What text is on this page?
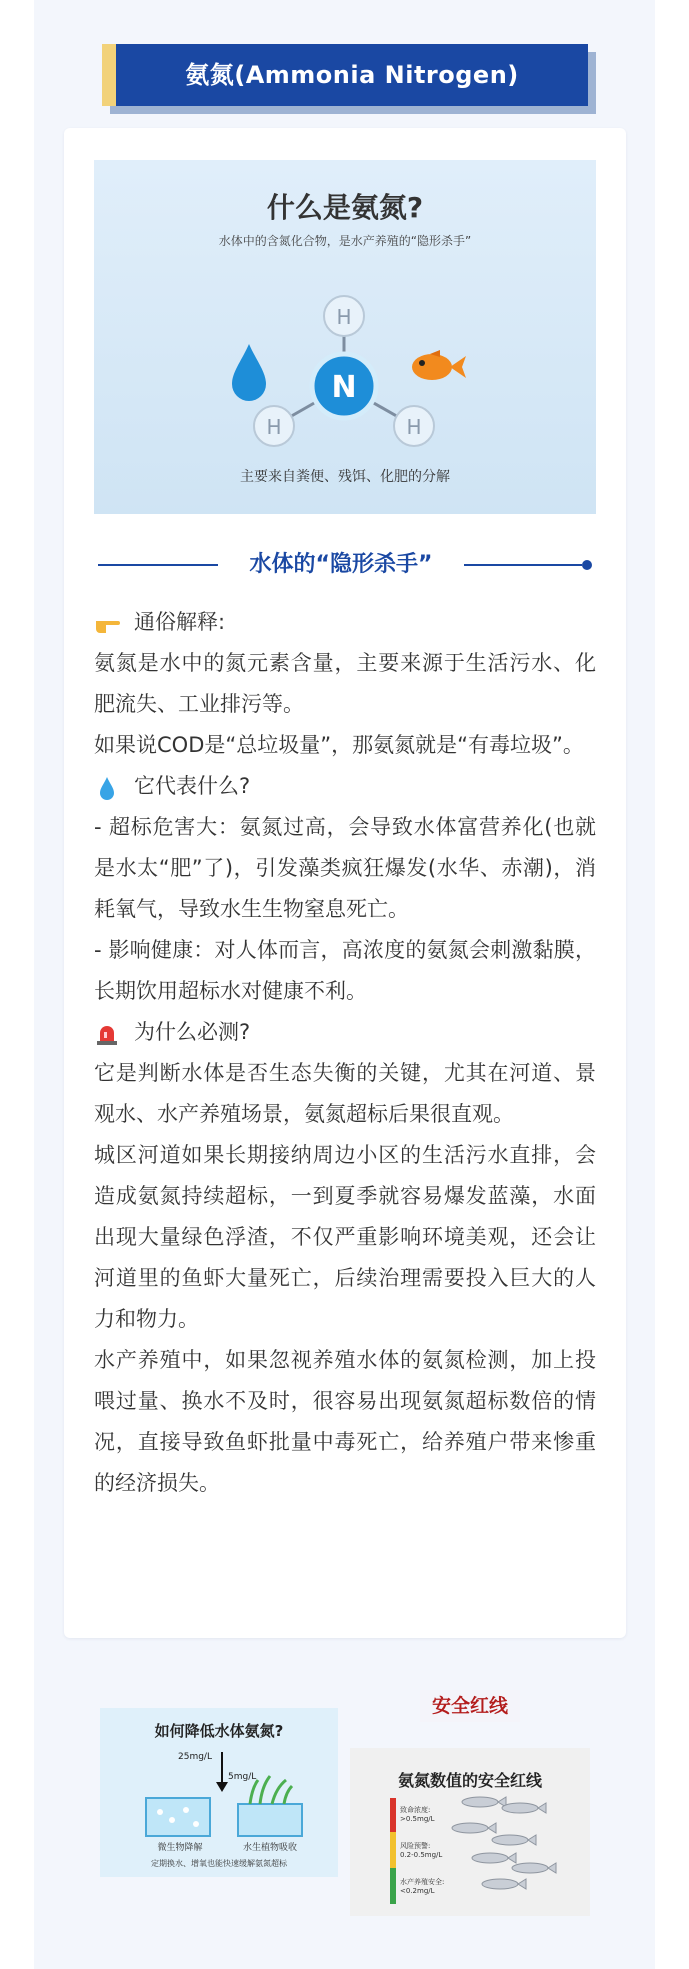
氨氮(Ammonia Nitrogen)
什么是氨氮?
水体中的含氮化合物，是水产养殖的“隐形杀手”
H
H	H
N
主要来自粪便、残饵、化肥的分解
水体的“隐形杀手”

通俗解释:

氨氮是水中的氮元素含量，主要来源于生活污水、化肥流失、工业排污等。

如果说COD是“总垃圾量”，那氨氮就是“有毒垃圾”。

它代表什么?

- 超标危害大：氨氮过高，会导致水体富营养化(也就是水太“肥”了)，引发藻类疯狂爆发(水华、赤潮)，消耗氧气，导致水生生物窒息死亡。

- 影响健康：对人体而言，高浓度的氨氮会刺激黏膜，长期饮用超标水对健康不利。

为什么必测?

它是判断水体是否生态失衡的关键，尤其在河道、景观水、水产养殖场景，氨氮超标后果很直观。

城区河道如果长期接纳周边小区的生活污水直排，会造成氨氮持续超标，一到夏季就容易爆发蓝藻，水面出现大量绿色浮渣，不仅严重影响环境美观，还会让河道里的鱼虾大量死亡，后续治理需要投入巨大的人力和物力。

水产养殖中，如果忽视养殖水体的氨氮检测，加上投喂过量、换水不及时，很容易出现氨氮超标数倍的情况，直接导致鱼虾批量中毒死亡，给养殖户带来惨重的经济损失。

如何降低水体氨氮?
25mg/L
5mg/L
微生物降解	水生植物吸收
定期换水、增氧也能快速缓解氨氮超标
安全红线
氨氮数值的安全红线
致命浓度:
>0.5mg/L
风险预警:
0.2-0.5mg/L
水产养殖安全:
<0.2mg/L
